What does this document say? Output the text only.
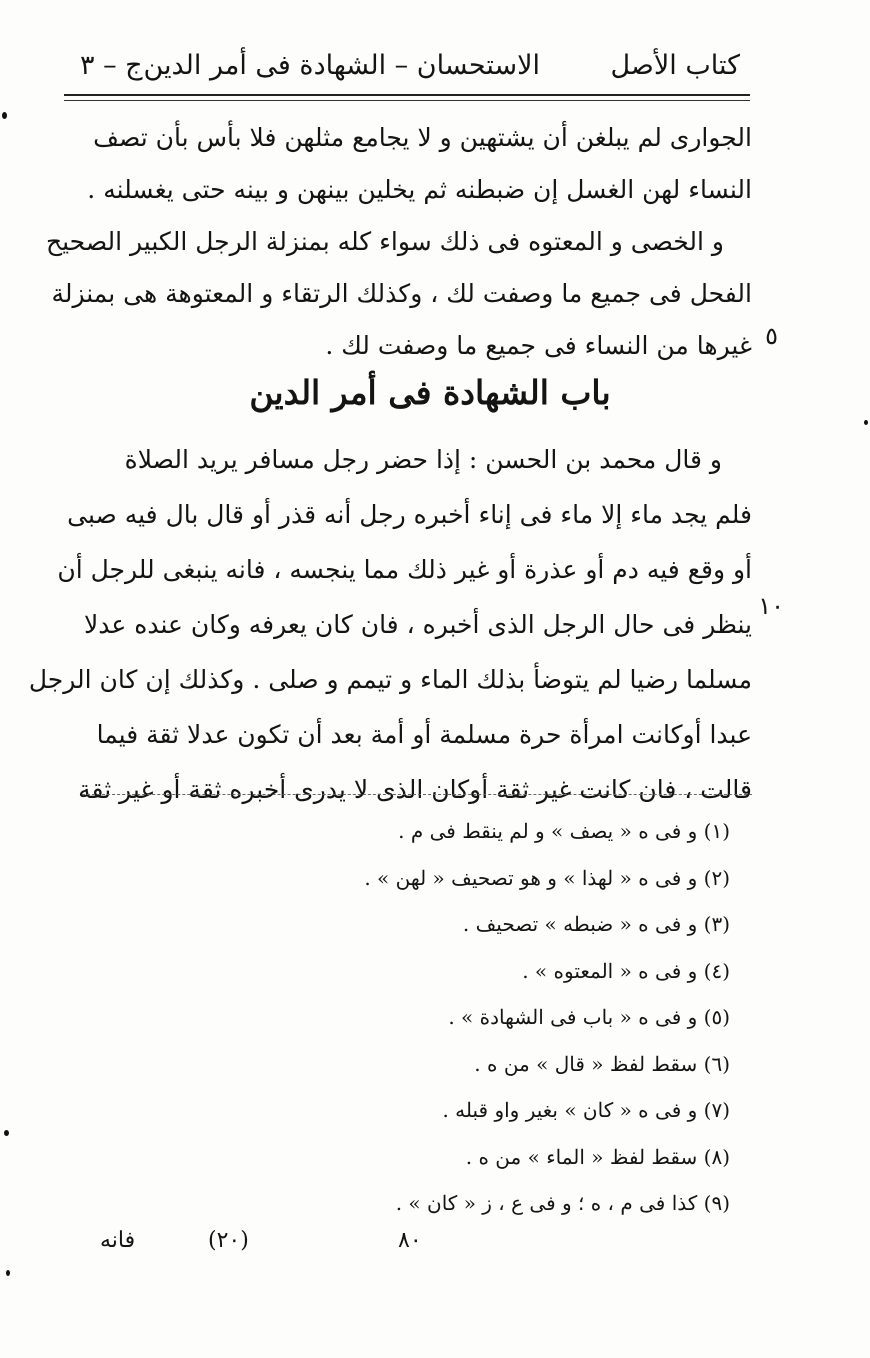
كتاب الأصل
الاستحسان – الشهادة فى أمر الدين
ج – ٣

الجوارى لم يبلغن أن يشتهين و لا يجامع مثلهن فلا بأس بأن تصف
النساء لهن الغسل إن ضبطنه ثم يخلين بينهن و بينه حتى يغسلنه .

و الخصى و المعتوه فى ذلك سواء كله بمنزلة الرجل الكبير الصحيح
الفحل فى جميع ما وصفت لك ، وكذلك الرتقاء و المعتوهة هى بمنزلة
غيرها من النساء فى جميع ما وصفت لك . ٥
باب الشهادة فى أمر الدين
و قال محمد بن الحسن : إذا حضر رجل مسافر يريد الصلاة
فلم يجد ماء إلا ماء فى إناء أخبره رجل أنه قذر أو قال بال فيه صبى
أو وقع فيه دم أو عذرة أو غير ذلك مما ينجسه ، فانه ينبغى للرجل أن
ينظر فى حال الرجل الذى أخبره ، فان كان يعرفه وكان عنده عدلا
مسلما رضيا لم يتوضأ بذلك الماء و تيمم و صلى . وكذلك إن كان الرجل
عبدا أوكانت امرأة حرة مسلمة أو أمة بعد أن تكون عدلا ثقة فيما
قالت ، فان كانت غير ثقة أوكان الذى لا يدرى أخبره ثقة أو غير ثقة
١٠
(١) و فى ه « يصف » و لم ينقط فى م .
(٢) و فى ه « لهذا » و هو تصحيف « لهن » .
(٣) و فى ه « ضبطه » تصحيف .
(٤) و فى ه « المعتوه » .
(٥) و فى ه « باب فى الشهادة » .
(٦) سقط لفظ « قال » من ه .
(٧) و فى ه « كان » بغير واو قبله .
(٨) سقط لفظ « الماء » من ه .
(٩) كذا فى م ، ه ؛ و فى ع ، ز « كان » .
٨٠
(٢٠)
فانه
